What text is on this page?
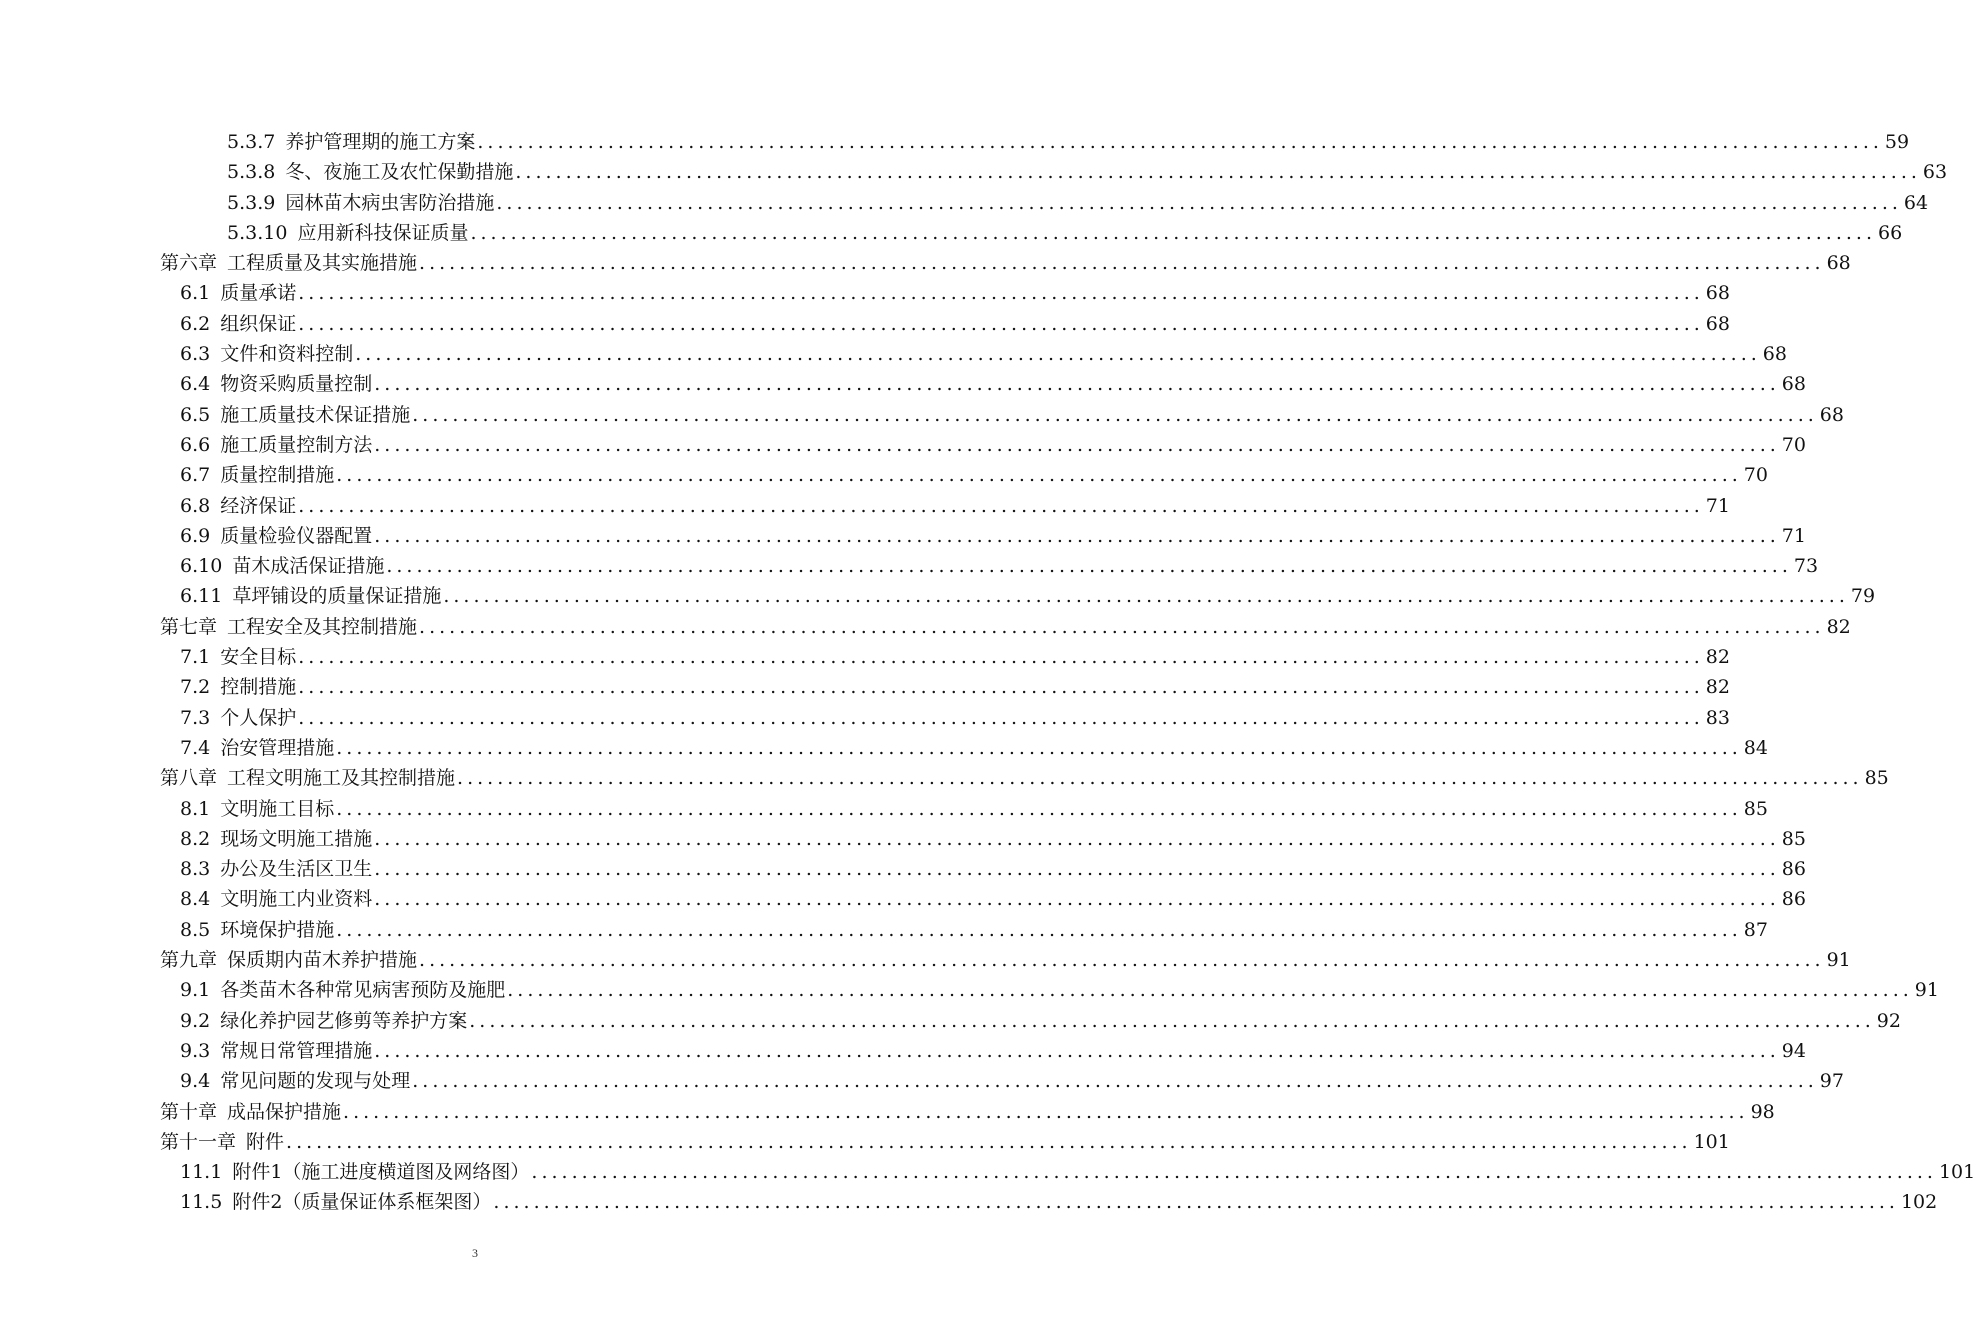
5.3.7 养护管理期的施工方案 ............................................................................................................................................ 59
5.3.8 冬、夜施工及农忙保勤措施 ............................................................................................................................................ 63
5.3.9 园林苗木病虫害防治措施 ............................................................................................................................................ 64
5.3.10 应用新科技保证质量 ............................................................................................................................................ 66
第六章 工程质量及其实施措施 ............................................................................................................................................ 68
6.1 质量承诺 ............................................................................................................................................ 68
6.2 组织保证 ............................................................................................................................................ 68
6.3 文件和资料控制 ............................................................................................................................................ 68
6.4 物资采购质量控制 ............................................................................................................................................ 68
6.5 施工质量技术保证措施 ............................................................................................................................................ 68
6.6 施工质量控制方法 ............................................................................................................................................ 70
6.7 质量控制措施 ............................................................................................................................................ 70
6.8 经济保证 ............................................................................................................................................ 71
6.9 质量检验仪器配置 ............................................................................................................................................ 71
6.10 苗木成活保证措施 ............................................................................................................................................ 73
6.11 草坪铺设的质量保证措施 ............................................................................................................................................ 79
第七章 工程安全及其控制措施 ............................................................................................................................................ 82
7.1 安全目标 ............................................................................................................................................ 82
7.2 控制措施 ............................................................................................................................................ 82
7.3 个人保护 ............................................................................................................................................ 83
7.4 治安管理措施 ............................................................................................................................................ 84
第八章 工程文明施工及其控制措施 ............................................................................................................................................ 85
8.1 文明施工目标 ............................................................................................................................................ 85
8.2 现场文明施工措施 ............................................................................................................................................ 85
8.3 办公及生活区卫生 ............................................................................................................................................ 86
8.4 文明施工内业资料 ............................................................................................................................................ 86
8.5 环境保护措施 ............................................................................................................................................ 87
第九章 保质期内苗木养护措施 ............................................................................................................................................ 91
9.1 各类苗木各种常见病害预防及施肥 ............................................................................................................................................ 91
9.2 绿化养护园艺修剪等养护方案 ............................................................................................................................................ 92
9.3 常规日常管理措施 ............................................................................................................................................ 94
9.4 常见问题的发现与处理 ............................................................................................................................................ 97
第十章 成品保护措施 ............................................................................................................................................ 98
第十一章 附件 ............................................................................................................................................ 101
11.1 附件1（施工进度横道图及网络图） ............................................................................................................................................ 101
11.5 附件2（质量保证体系框架图） ............................................................................................................................................ 102
3
